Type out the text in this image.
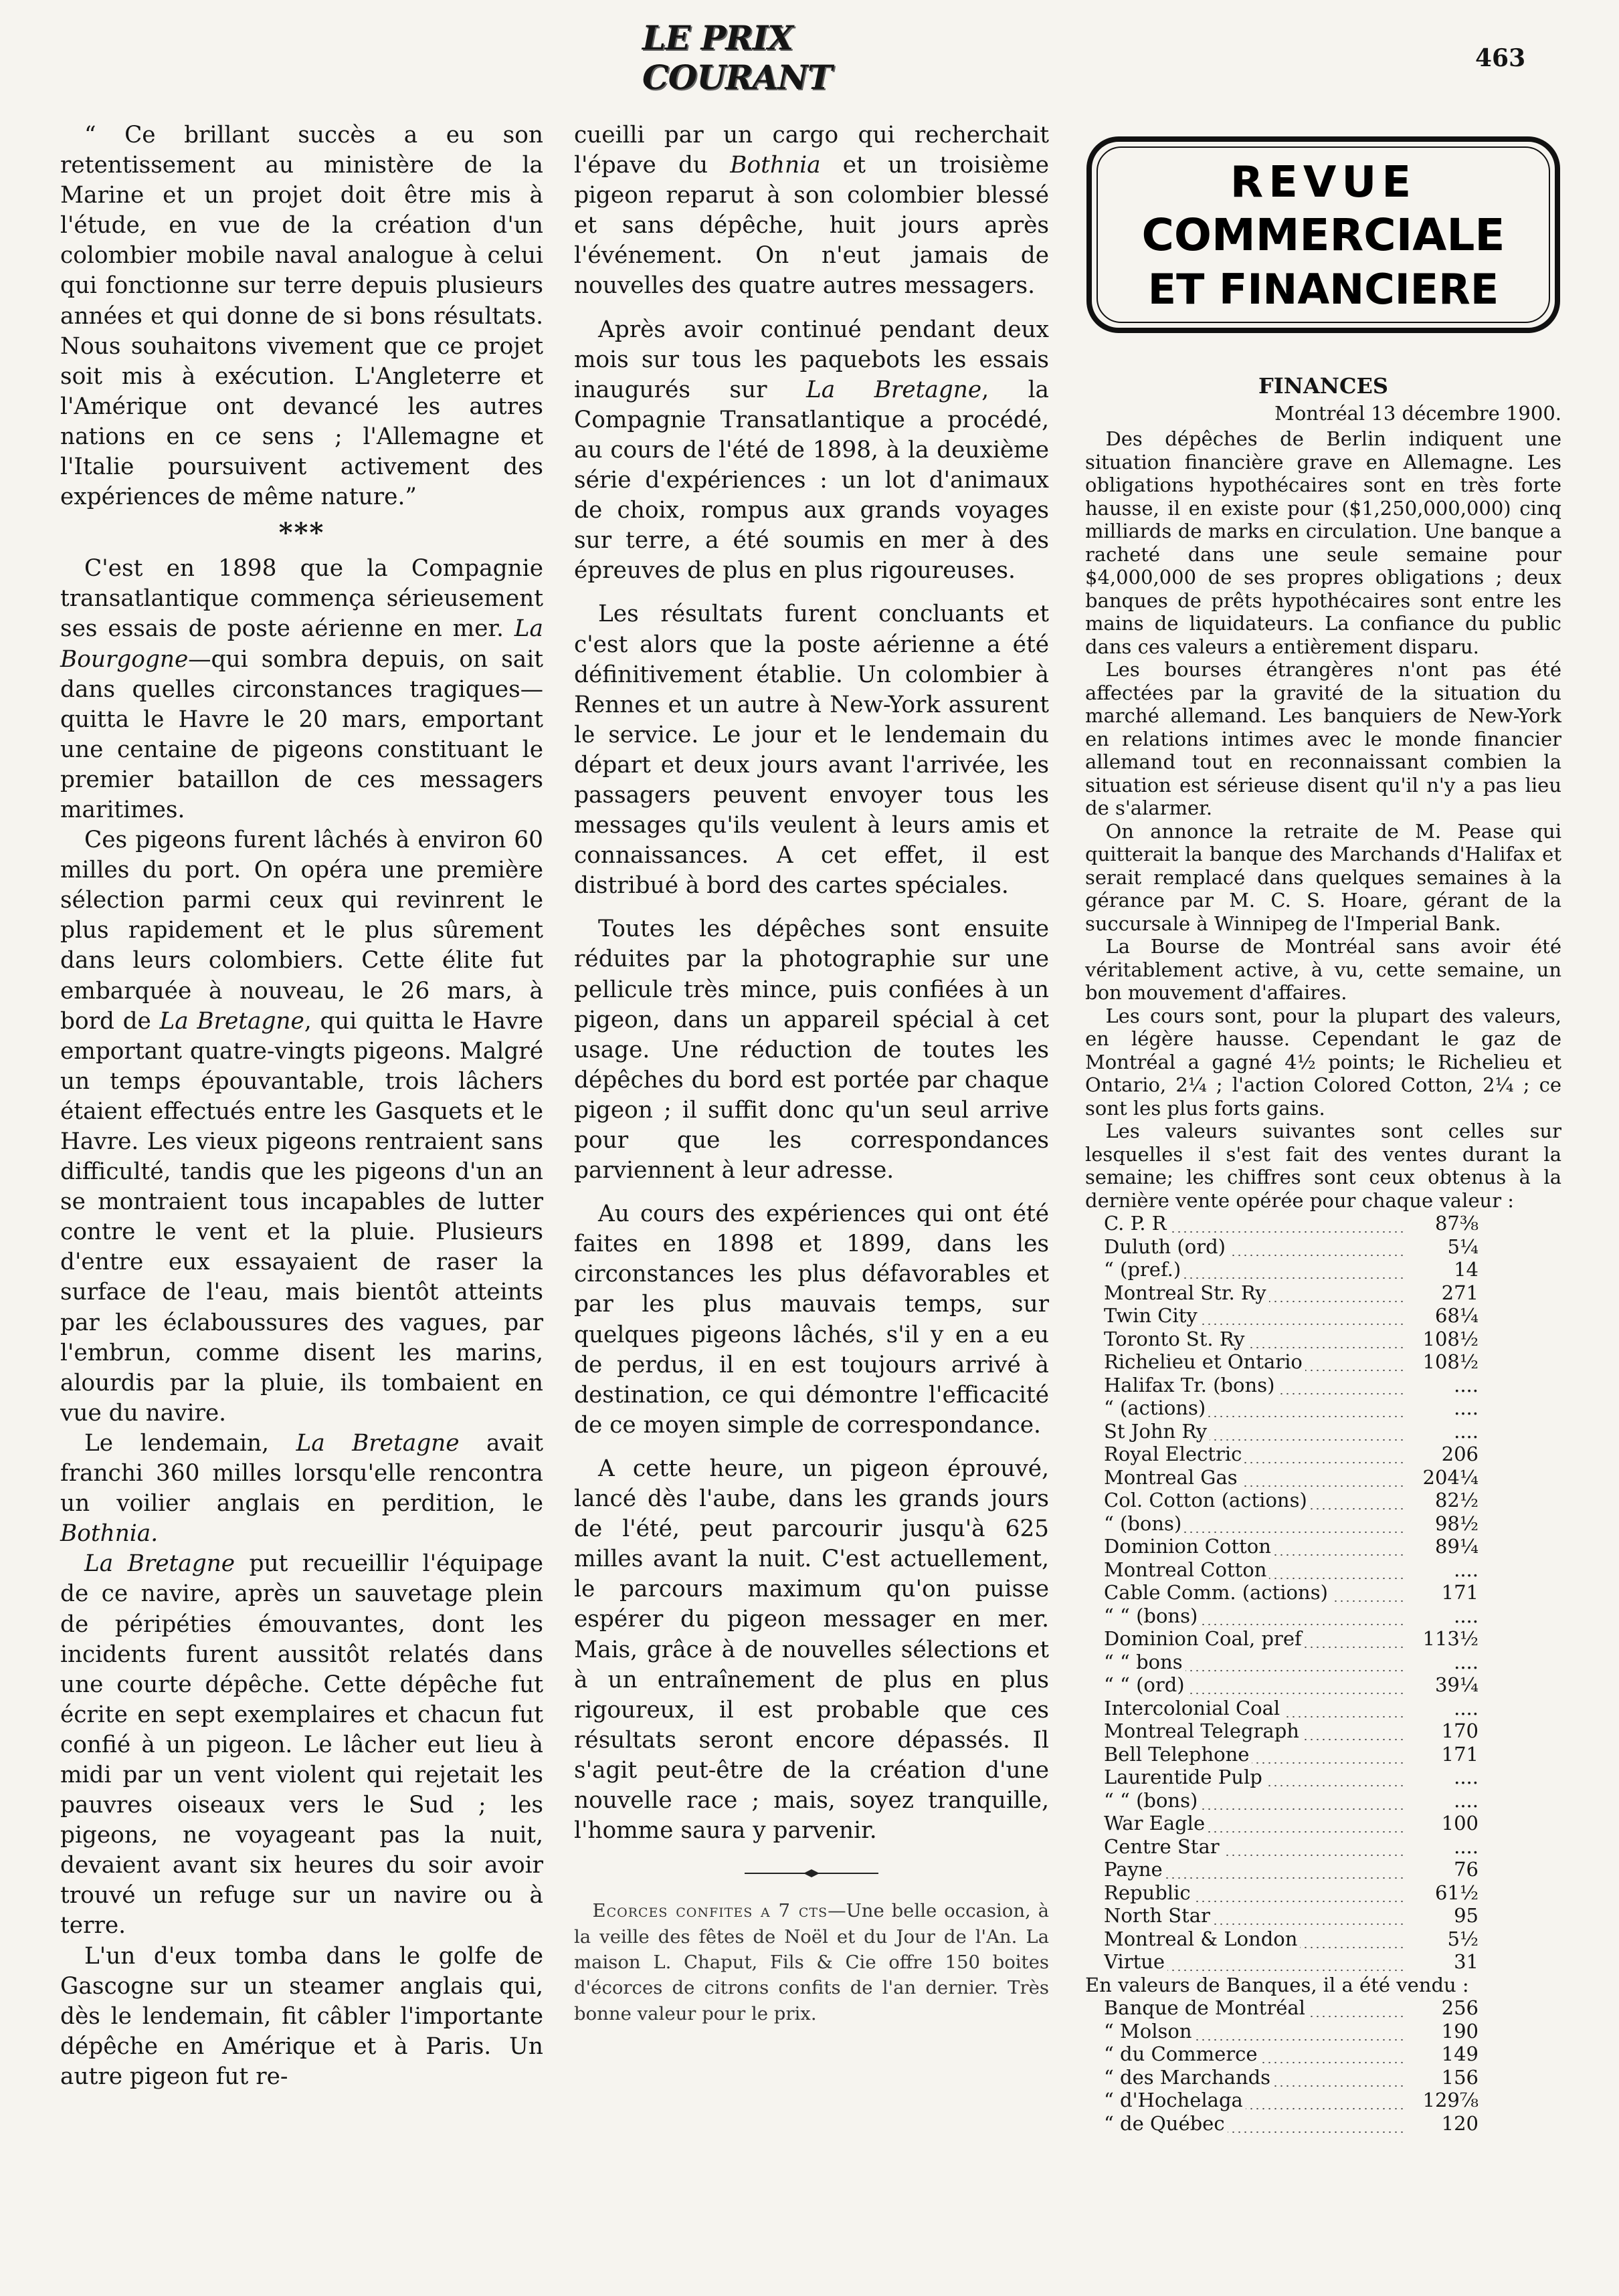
LE PRIX COURANT	463

“ Ce brillant succès a eu son retentissement au ministère de la Marine et un projet doit être mis à l'étude, en vue de la création d'un colombier mobile naval analogue à celui qui fonctionne sur terre depuis plusieurs années et qui donne de si bons résultats. Nous souhaitons vivement que ce projet soit mis à exécution. L'Angleterre et l'Amérique ont devancé les autres nations en ce sens ; l'Allemagne et l'Italie poursuivent activement des expériences de même nature.”

***

C'est en 1898 que la Compagnie transatlantique commença sérieusement ses essais de poste aérienne en mer. La Bourgogne—qui sombra depuis, on sait dans quelles circonstances tragiques—quitta le Havre le 20 mars, emportant une centaine de pigeons constituant le premier bataillon de ces messagers maritimes.

Ces pigeons furent lâchés à environ 60 milles du port. On opéra une première sélection parmi ceux qui revinrent le plus rapidement et le plus sûrement dans leurs colombiers. Cette élite fut embarquée à nouveau, le 26 mars, à bord de La Bretagne, qui quitta le Havre emportant quatre-vingts pigeons. Malgré un temps épouvantable, trois lâchers étaient effectués entre les Gasquets et le Havre. Les vieux pigeons rentraient sans difficulté, tandis que les pigeons d'un an se montraient tous incapables de lutter contre le vent et la pluie. Plusieurs d'entre eux essayaient de raser la surface de l'eau, mais bientôt atteints par les éclaboussures des vagues, par l'embrun, comme disent les marins, alourdis par la pluie, ils tombaient en vue du navire.

Le lendemain, La Bretagne avait franchi 360 milles lorsqu'elle rencontra un voilier anglais en perdition, le Bothnia.

La Bretagne put recueillir l'équipage de ce navire, après un sauvetage plein de péripéties émouvantes, dont les incidents furent aussitôt relatés dans une courte dépêche. Cette dépêche fut écrite en sept exemplaires et chacun fut confié à un pigeon. Le lâcher eut lieu à midi par un vent violent qui rejetait les pauvres oiseaux vers le Sud ; les pigeons, ne voyageant pas la nuit, devaient avant six heures du soir avoir trouvé un refuge sur un navire ou à terre.

L'un d'eux tomba dans le golfe de Gascogne sur un steamer anglais qui, dès le lendemain, fit câbler l'importante dépêche en Amérique et à Paris. Un autre pigeon fut re-

cueilli par un cargo qui recherchait l'épave du Bothnia et un troisième pigeon reparut à son colombier blessé et sans dépêche, huit jours après l'événement. On n'eut jamais de nouvelles des quatre autres messagers.

Après avoir continué pendant deux mois sur tous les paquebots les essais inaugurés sur La Bretagne, la Compagnie Transatlantique a procédé, au cours de l'été de 1898, à la deuxième série d'expériences : un lot d'animaux de choix, rompus aux grands voyages sur terre, a été soumis en mer à des épreuves de plus en plus rigoureuses.

Les résultats furent concluants et c'est alors que la poste aérienne a été définitivement établie. Un colombier à Rennes et un autre à New-York assurent le service. Le jour et le lendemain du départ et deux jours avant l'arrivée, les passagers peuvent envoyer tous les messages qu'ils veulent à leurs amis et connaissances. A cet effet, il est distribué à bord des cartes spéciales.

Toutes les dépêches sont ensuite réduites par la photographie sur une pellicule très mince, puis confiées à un pigeon, dans un appareil spécial à cet usage. Une réduction de toutes les dépêches du bord est portée par chaque pigeon ; il suffit donc qu'un seul arrive pour que les correspondances parviennent à leur adresse.

Au cours des expériences qui ont été faites en 1898 et 1899, dans les circonstances les plus défavorables et par les plus mauvais temps, sur quelques pigeons lâchés, s'il y en a eu de perdus, il en est toujours arrivé à destination, ce qui démontre l'efficacité de ce moyen simple de correspondance.

A cette heure, un pigeon éprouvé, lancé dès l'aube, dans les grands jours de l'été, peut parcourir jusqu'à 625 milles avant la nuit. C'est actuellement, le parcours maximum qu'on puisse espérer du pigeon messager en mer. Mais, grâce à de nouvelles sélections et à un entraînement de plus en plus rigoureux, il est probable que ces résultats seront encore dépassés. Il s'agit peut-être de la création d'une nouvelle race ; mais, soyez tranquille, l'homme saura y parvenir.

Ecorces confites a 7 cts—Une belle occasion, à la veille des fêtes de Noël et du Jour de l'An. La maison L. Chaput, Fils & Cie offre 150 boites d'écorces de citrons confits de l'an dernier. Très bonne valeur pour le prix.

REVUE
COMMERCIALE
ET FINANCIERE
FINANCES
Montréal 13 décembre 1900.

Des dépêches de Berlin indiquent une situation financière grave en Allemagne. Les obligations hypothécaires sont en très forte hausse, il en existe pour ($1,250,000,000) cinq milliards de marks en circulation. Une banque a racheté dans une seule semaine pour $4,000,000 de ses propres obligations ; deux banques de prêts hypothécaires sont entre les mains de liquidateurs. La confiance du public dans ces valeurs a entièrement disparu.

Les bourses étrangères n'ont pas été affectées par la gravité de la situation du marché allemand. Les banquiers de New-York en relations intimes avec le monde financier allemand tout en reconnaissant combien la situation est sérieuse disent qu'il n'y a pas lieu de s'alarmer.

On annonce la retraite de M. Pease qui quitterait la banque des Marchands d'Halifax et serait remplacé dans quelques semaines à la gérance par M. C. S. Hoare, gérant de la succursale à Winnipeg de l'Imperial Bank.

La Bourse de Montréal sans avoir été véritablement active, à vu, cette semaine, un bon mouvement d'affaires.

Les cours sont, pour la plupart des valeurs, en légère hausse. Cependant le gaz de Montréal a gagné 4½ points; le Richelieu et Ontario, 2¼ ; l'action Colored Cotton, 2¼ ; ce sont les plus forts gains.

Les valeurs suivantes sont celles sur lesquelles il s'est fait des ventes durant la semaine; les chiffres sont ceux obtenus à la dernière vente opérée pour chaque valeur :

C. P. R	87⅜
Duluth (ord)	5¼
“ (pref.)	14
Montreal Str. Ry	271
Twin City	68¼
Toronto St. Ry	108½
Richelieu et Ontario	108½
Halifax Tr. (bons)	....
“ (actions)	....
St John Ry	....
Royal Electric	206
Montreal Gas	204¼
Col. Cotton (actions)	82½
“ (bons)	98½
Dominion Cotton	89¼
Montreal Cotton	....
Cable Comm. (actions)	171
“ “ (bons)	....
Dominion Coal, pref	113½
“ “ bons	....
“ “ (ord)	39¼
Intercolonial Coal	....
Montreal Telegraph	170
Bell Telephone	171
Laurentide Pulp	....
“ “ (bons)	....
War Eagle	100
Centre Star	....
Payne	76
Republic	61½
North Star	95
Montreal & London	5½
Virtue	31

En valeurs de Banques, il a été vendu :

Banque de Montréal	256
“ Molson	190
“ du Commerce	149
“ des Marchands	156
“ d'Hochelaga	129⅞
“ de Québec	120
